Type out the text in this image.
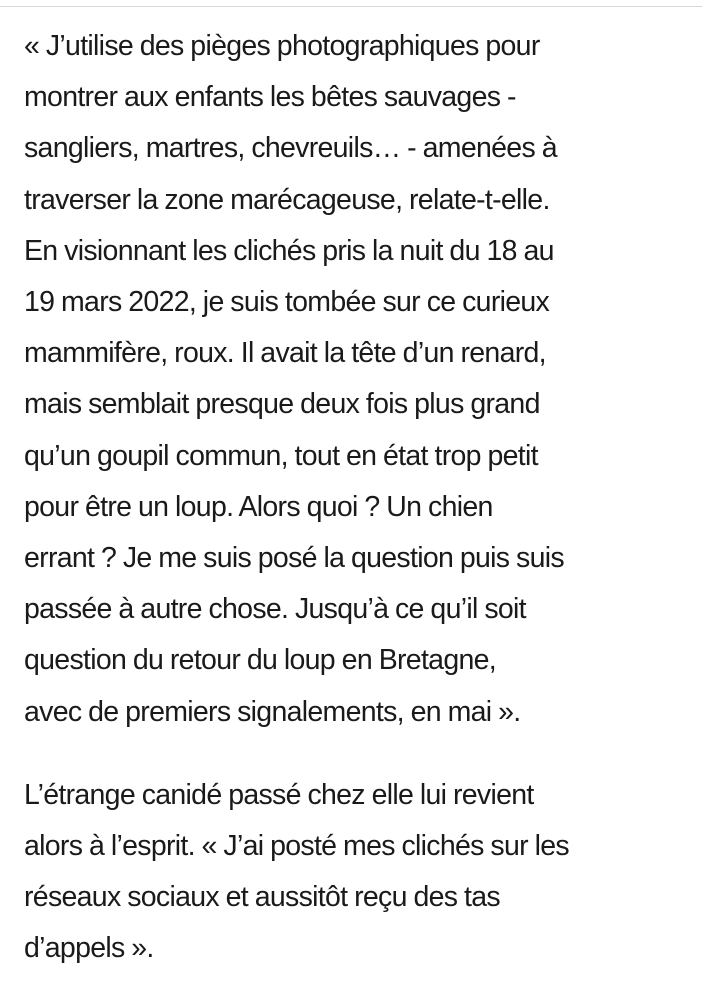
« J’utilise des pièges photographiques pour
montrer aux enfants les bêtes sauvages -
sangliers, martres, chevreuils… - amenées à
traverser la zone marécageuse, relate-t-elle.
En visionnant les clichés pris la nuit du 18 au
19 mars 2022, je suis tombée sur ce curieux
mammifère, roux. Il avait la tête d’un renard,
mais semblait presque deux fois plus grand
qu’un goupil commun, tout en état trop petit
pour être un loup. Alors quoi ? Un chien
errant ? Je me suis posé la question puis suis
passée à autre chose. Jusqu’à ce qu’il soit
question du retour du loup en Bretagne,
avec de premiers signalements, en mai ».

L’étrange canidé passé chez elle lui revient
alors à l’esprit. « J’ai posté mes clichés sur les
réseaux sociaux et aussitôt reçu des tas
d’appels ».
